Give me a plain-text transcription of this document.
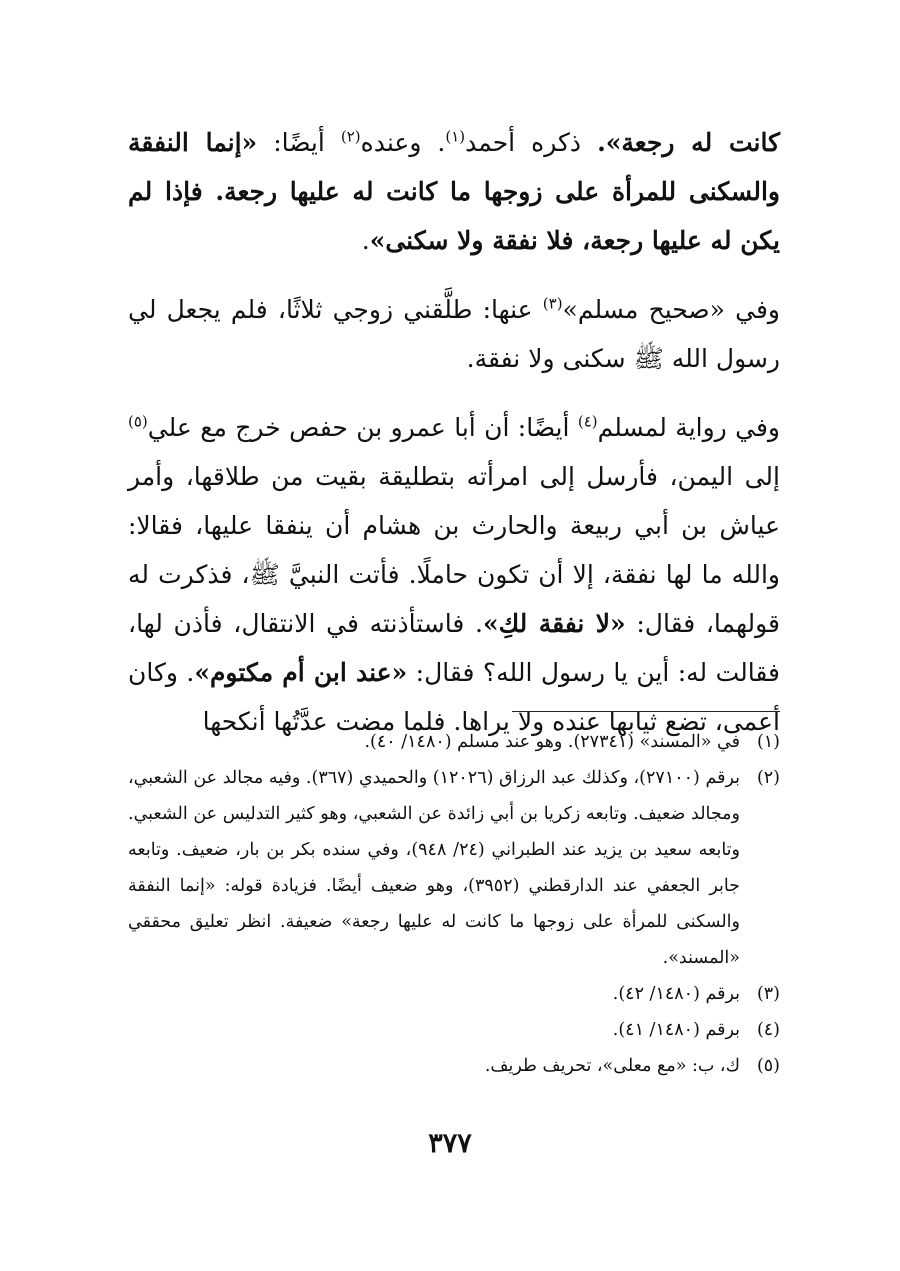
كانت له رجعة». ذكره أحمد$^{(١)}$. وعنده$^{(٢)}$ أيضًا: «إنما النفقة والسكنى للمرأة على زوجها ما كانت له عليها رجعة. فإذا لم يكن له عليها رجعة، فلا نفقة ولا سكنى».

وفي «صحيح مسلم»$^{(٣)}$ عنها: طلَّقني زوجي ثلاثًا، فلم يجعل لي رسول الله ﷺ سكنى ولا نفقة.

وفي رواية لمسلم$^{(٤)}$ أيضًا: أن أبا عمرو بن حفص خرج مع علي$^{(٥)}$ إلى اليمن، فأرسل إلى امرأته بتطليقة بقيت من طلاقها، وأمر عياش بن أبي ربيعة والحارث بن هشام أن ينفقا عليها، فقالا: والله ما لها نفقة، إلا أن تكون حاملًا. فأتت النبيَّ ﷺ، فذكرت له قولهما، فقال: «لا نفقة لكِ». فاستأذنته في الانتقال، فأذن لها، فقالت له: أين يا رسول الله؟ فقال: «عند ابن أم مكتوم». وكان أعمى، تضع ثيابها عنده ولا يراها. فلما مضت عدَّتُها أنكحها

(١)
في «المسند» (٢٧٣٤١). وهو عند مسلم (١٤٨٠/ ٤٠).
(٢)
برقم (٢٧١٠٠)، وكذلك عبد الرزاق (١٢٠٢٦) والحميدي (٣٦٧). وفيه مجالد عن الشعبي، ومجالد ضعيف. وتابعه زكريا بن أبي زائدة عن الشعبي، وهو كثير التدليس عن الشعبي. وتابعه سعيد بن يزيد عند الطبراني (٢٤/ ٩٤٨)، وفي سنده بكر بن بار، ضعيف. وتابعه جابر الجعفي عند الدارقطني (٣٩٥٢)، وهو ضعيف أيضًا. فزيادة قوله: «إنما النفقة والسكنى للمرأة على زوجها ما كانت له عليها رجعة» ضعيفة. انظر تعليق محققي «المسند».
(٣)
برقم (١٤٨٠/ ٤٢).
(٤)
برقم (١٤٨٠/ ٤١).
(٥)
ك، ب: «مع معلى»، تحريف طريف.
٣٧٧
